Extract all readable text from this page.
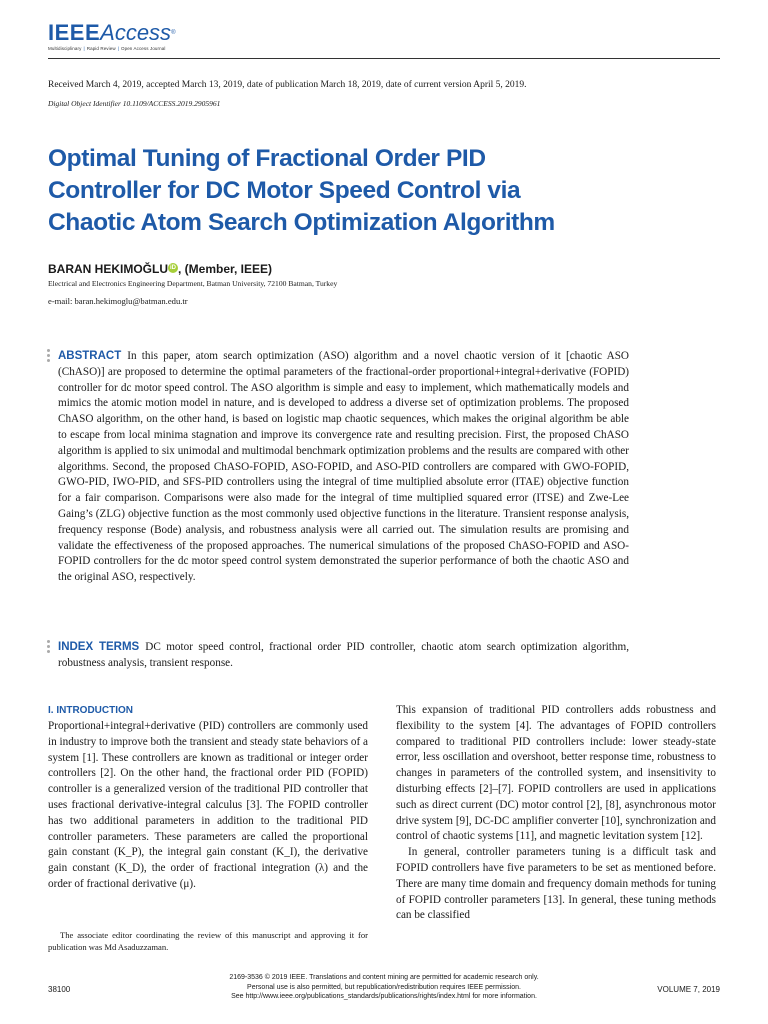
IEEEAccess®
Multidisciplinary | Rapid Review | Open Access Journal
Received March 4, 2019, accepted March 13, 2019, date of publication March 18, 2019, date of current version April 5, 2019.
Digital Object Identifier 10.1109/ACCESS.2019.2905961
Optimal Tuning of Fractional Order PID
Controller for DC Motor Speed Control via
Chaotic Atom Search Optimization Algorithm
BARAN HEKIMOĞLU iD , (Member, IEEE)
Electrical and Electronics Engineering Department, Batman University, 72100 Batman, Turkey
e-mail: baran.hekimoglu@batman.edu.tr
ABSTRACT In this paper, atom search optimization (ASO) algorithm and a novel chaotic version of it [chaotic ASO (ChASO)] are proposed to determine the optimal parameters of the fractional-order proportional+integral+derivative (FOPID) controller for dc motor speed control. The ASO algorithm is simple and easy to implement, which mathematically models and mimics the atomic motion model in nature, and is developed to address a diverse set of optimization problems. The proposed ChASO algorithm, on the other hand, is based on logistic map chaotic sequences, which makes the original algorithm be able to escape from local minima stagnation and improve its convergence rate and resulting precision. First, the proposed ChASO algorithm is applied to six unimodal and multimodal benchmark optimization problems and the results are compared with other algorithms. Second, the proposed ChASO-FOPID, ASO-FOPID, and ASO-PID controllers are compared with GWO-FOPID, GWO-PID, IWO-PID, and SFS-PID controllers using the integral of time multiplied absolute error (ITAE) objective function for a fair comparison. Comparisons were also made for the integral of time multiplied squared error (ITSE) and Zwe-Lee Gaing’s (ZLG) objective function as the most commonly used objective functions in the literature. Transient response analysis, frequency response (Bode) analysis, and robustness analysis were all carried out. The simulation results are promising and validate the effectiveness of the proposed approaches. The numerical simulations of the proposed ChASO-FOPID and ASO-FOPID controllers for the dc motor speed control system demonstrated the superior performance of both the chaotic ASO and the original ASO, respectively.
INDEX TERMS DC motor speed control, fractional order PID controller, chaotic atom search optimization algorithm, robustness analysis, transient response.
I. INTRODUCTION

Proportional+integral+derivative (PID) controllers are commonly used in industry to improve both the transient and steady state behaviors of a system [1]. These controllers are known as traditional or integer order controllers [2]. On the other hand, the fractional order PID (FOPID) controller is a generalized version of the traditional PID controller that uses fractional derivative-integral calculus [3]. The FOPID controller has two additional parameters in addition to the traditional PID controller parameters. These parameters are called the proportional gain constant (K_P), the integral gain constant (K_I), the derivative gain constant (K_D), the order of fractional integration (λ) and the order of fractional derivative (μ).

The associate editor coordinating the review of this manuscript and approving it for publication was Md Asaduzzaman.

This expansion of traditional PID controllers adds robustness and flexibility to the system [4]. The advantages of FOPID controllers compared to traditional PID controllers include: lower steady-state error, less oscillation and overshoot, better response time, robustness to changes in parameters of the controlled system, and insensitivity to disturbing effects [2]–[7]. FOPID controllers are used in applications such as direct current (DC) motor control [2], [8], asynchronous motor drive system [9], DC-DC amplifier converter [10], synchronization and control of chaotic systems [11], and magnetic levitation system [12].

In general, controller parameters tuning is a difficult task and FOPID controllers have five parameters to be set as mentioned before. There are many time domain and frequency domain methods for tuning of FOPID controller parameters [13]. In general, these tuning methods can be classified

38100
2169-3536 © 2019 IEEE. Translations and content mining are permitted for academic research only.
Personal use is also permitted, but republication/redistribution requires IEEE permission.
See http://www.ieee.org/publications_standards/publications/rights/index.html for more information.
VOLUME 7, 2019
